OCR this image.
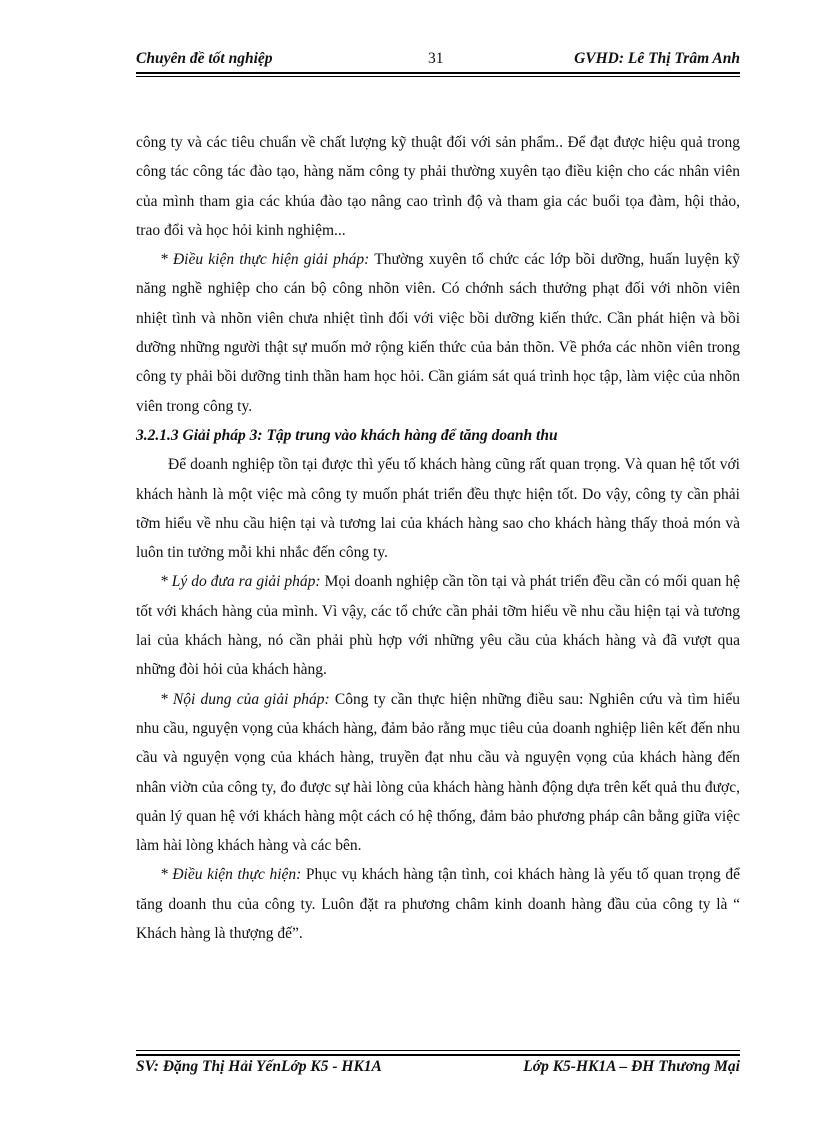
Chuyên đề tốt nghiệp	31	GVHD: Lê Thị Trâm Anh

công ty và các tiêu chuẩn về chất lượng kỹ thuật đối với sản phẩm.. Để đạt được hiệu quả trong công tác công tác đào tạo, hàng năm công ty phải thường xuyên tạo điều kiện cho các nhân viên của mình tham gia các khúa đào tạo nâng cao trình độ và tham gia các buổi tọa đàm, hội thảo, trao đổi và học hỏi kinh nghiệm...

* Điều kiện thực hiện giải pháp: Thường xuyên tổ chức các lớp bồi dưỡng, huấn luyện kỹ năng nghề nghiệp cho cán bộ công nhõn viên. Có chớnh sách thưởng phạt đối với nhõn viên nhiệt tình và nhõn viên chưa nhiệt tình đối với việc bồi dưỡng kiến thức. Cần phát hiện và bồi dưỡng những người thật sự muốn mở rộng kiến thức của bản thõn. Về phớa các nhõn viên trong công ty phải bồi dưỡng tinh thần ham học hỏi. Cần giám sát quá trình học tập, làm việc của nhõn viên trong công ty.

3.2.1.3 Giải pháp 3: Tập trung vào khách hàng để tăng doanh thu

Để doanh nghiệp tồn tại được thì yếu tố khách hàng cũng rất quan trọng. Và quan hệ tốt với khách hành là một việc mà công ty muốn phát triển đều thực hiện tốt. Do vậy, công ty cần phải tỡm hiểu về nhu cầu hiện tại và tương lai của khách hàng sao cho khách hàng thấy thoả món và luôn tin tưởng mỗi khi nhắc đến công ty.

* Lý do đưa ra giải pháp: Mọi doanh nghiệp cần tồn tại và phát triển đều cần có mối quan hệ tốt với khách hàng của mình. Vì vậy, các tổ chức cần phải tỡm hiểu về nhu cầu hiện tại và tương lai của khách hàng, nó cần phải phù hợp với những yêu cầu của khách hàng và đã vượt qua những đòi hỏi của khách hàng.

* Nội dung của giải pháp: Công ty cần thực hiện những điều sau: Nghiên cứu và tìm hiểu nhu cầu, nguyện vọng của khách hàng, đảm bảo rằng mục tiêu của doanh nghiệp liên kết đến nhu cầu và nguyện vọng của khách hàng, truyền đạt nhu cầu và nguyện vọng của khách hàng đến nhân viờn của công ty, đo được sự hài lòng của khách hàng hành động dựa trên kết quả thu được, quản lý quan hệ với khách hàng một cách có hệ thống, đảm bảo phương pháp cân bằng giữa việc làm hài lòng khách hàng và các bên.

* Điều kiện thực hiện: Phục vụ khách hàng tận tình, coi khách hàng là yếu tố quan trọng để tăng doanh thu của công ty. Luôn đặt ra phương châm kinh doanh hàng đầu của công ty là “ Khách hàng là thượng đế”.

SV: Đặng Thị Hải YếnLớp K5 - HK1A	Lớp K5-HK1A – ĐH Thương Mại
